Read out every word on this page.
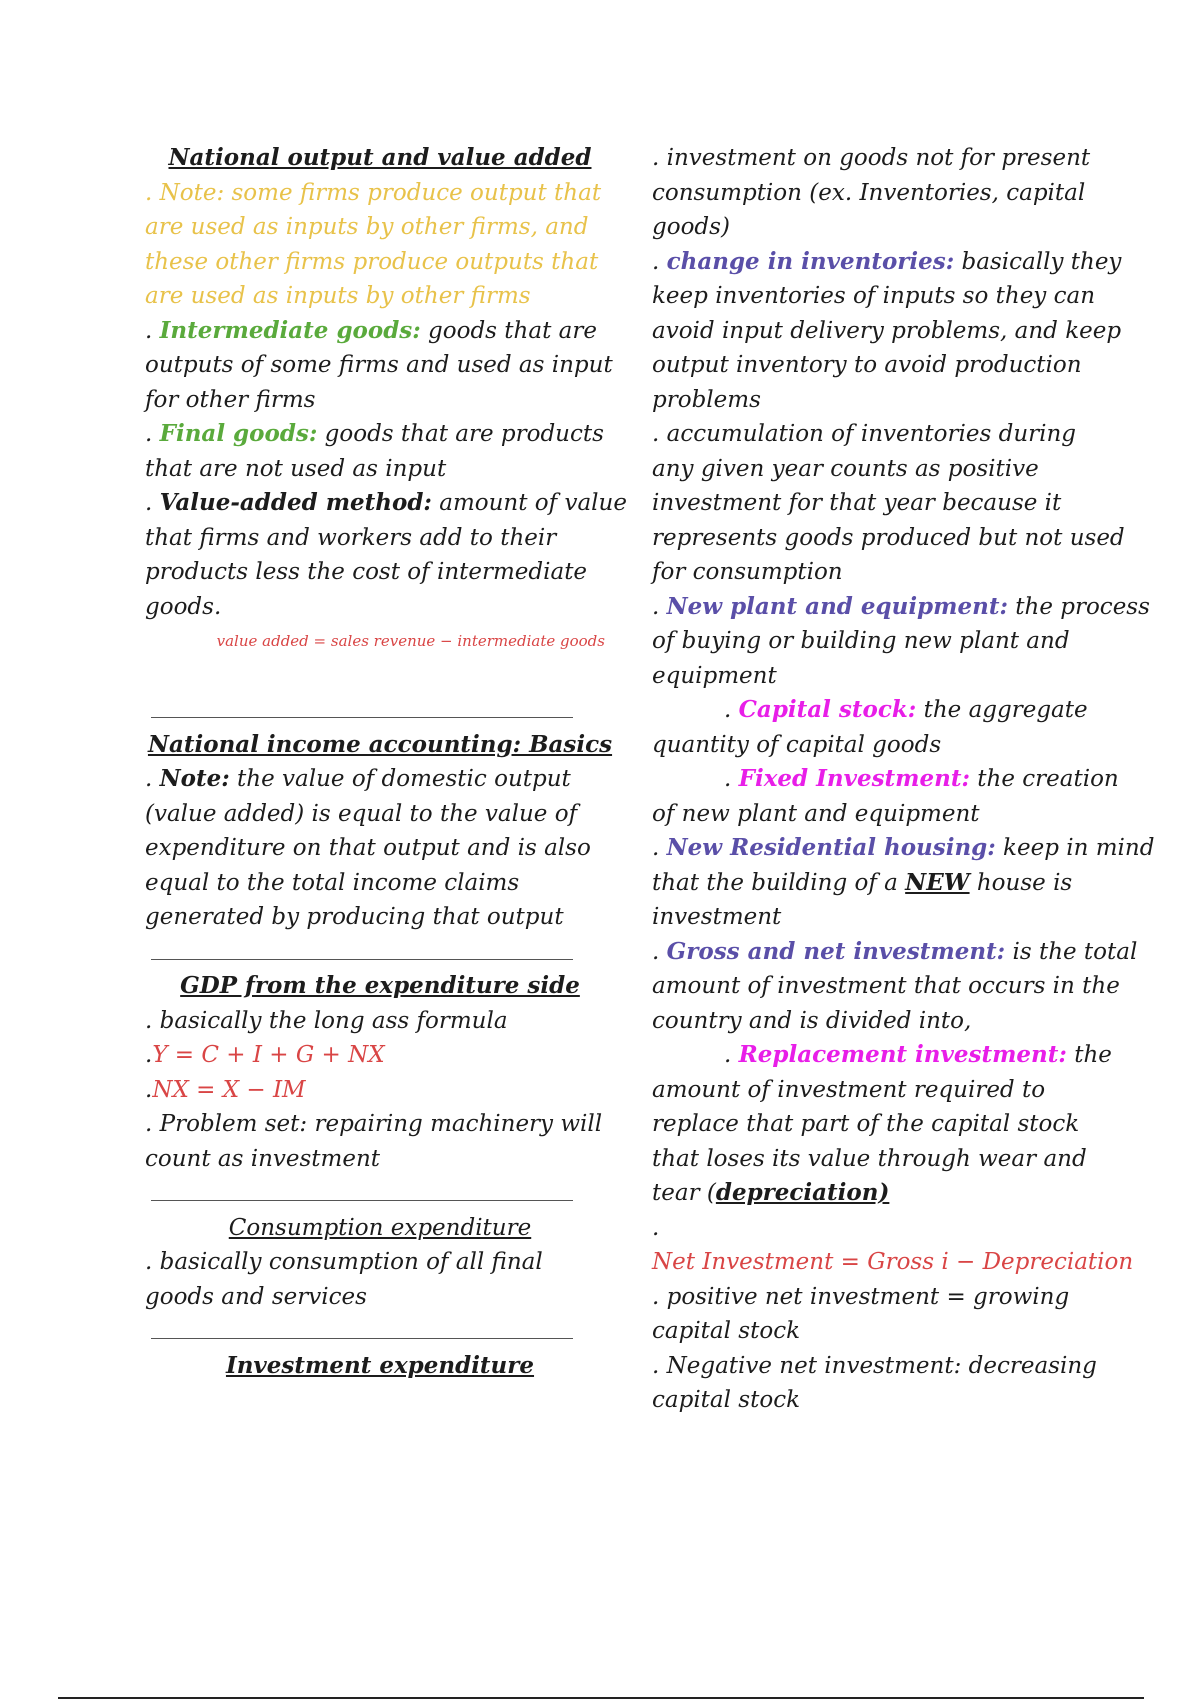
National output and value added
. Note: some firms produce output that
are used as inputs by other firms, and
these other firms produce outputs that
are used as inputs by other firms
. Intermediate goods: goods that are
outputs of some firms and used as input
for other firms
. Final goods: goods that are products
that are not used as input
. Value-added method: amount of value
that firms and workers add to their
products less the cost of intermediate
goods.
value added = sales revenue − intermediate goods
National income accounting: Basics
. Note: the value of domestic output
(value added) is equal to the value of
expenditure on that output and is also
equal to the total income claims
generated by producing that output
GDP from the expenditure side
. basically the long ass formula
.Y = C + I + G + NX
.NX = X − IM
. Problem set: repairing machinery will
count as investment
Consumption expenditure
. basically consumption of all final
goods and services
Investment expenditure
. investment on goods not for present
consumption (ex. Inventories, capital
goods)
. change in inventories: basically they
keep inventories of inputs so they can
avoid input delivery problems, and keep
output inventory to avoid production
problems
. accumulation of inventories during
any given year counts as positive
investment for that year because it
represents goods produced but not used
for consumption
. New plant and equipment: the process
of buying or building new plant and
equipment
. Capital stock: the aggregate
quantity of capital goods
. Fixed Investment: the creation
of new plant and equipment
. New Residential housing: keep in mind
that the building of a NEW house is
investment
. Gross and net investment: is the total
amount of investment that occurs in the
country and is divided into,
. Replacement investment: the
amount of investment required to
replace that part of the capital stock
that loses its value through wear and
tear (depreciation)
.
Net Investment = Gross i − Depreciation
. positive net investment = growing
capital stock
. Negative net investment: decreasing
capital stock
